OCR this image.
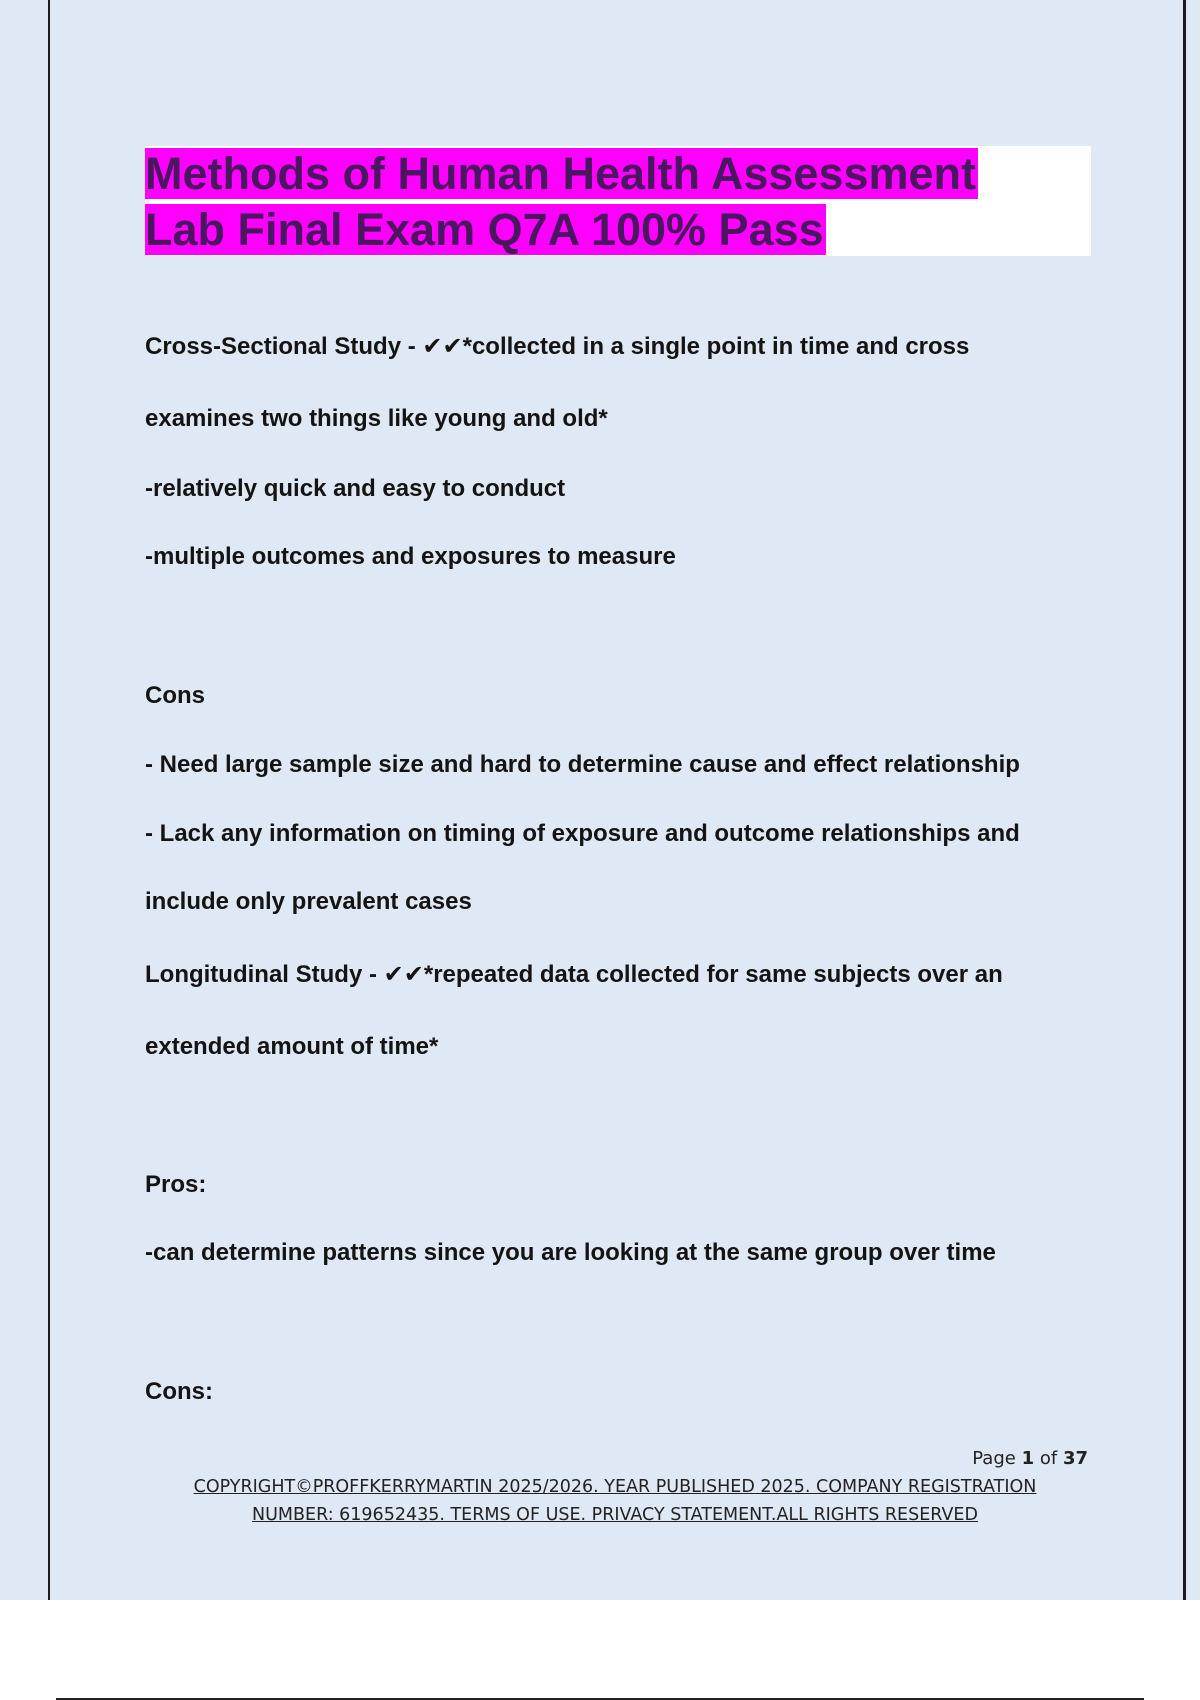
Methods of Human Health Assessment
Lab Final Exam Q7A 100% Pass

Cross-Sectional Study - ✔✔*collected in a single point in time and cross

examines two things like young and old*

-relatively quick and easy to conduct

-multiple outcomes and exposures to measure

Cons

- Need large sample size and hard to determine cause and effect relationship

- Lack any information on timing of exposure and outcome relationships and

include only prevalent cases

Longitudinal Study - ✔✔*repeated data collected for same subjects over an

extended amount of time*

Pros:

-can determine patterns since you are looking at the same group over time

Cons:

Page 1 of 37
COPYRIGHT©PROFFKERRYMARTIN 2025/2026. YEAR PUBLISHED 2025. COMPANY REGISTRATION
NUMBER: 619652435. TERMS OF USE. PRIVACY STATEMENT.ALL RIGHTS RESERVED
